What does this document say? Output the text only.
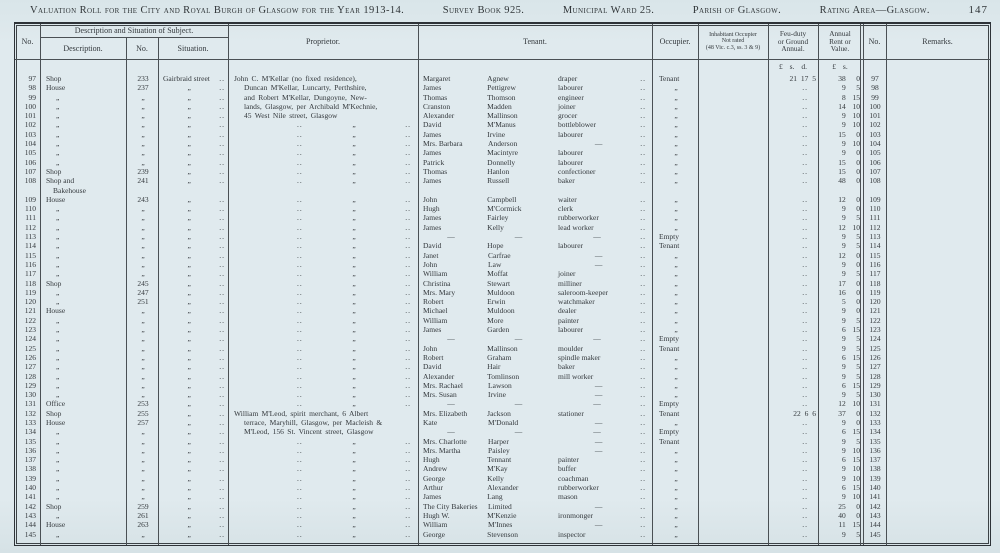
Valuation Roll for the City and Royal Burgh of Glasgow for the Year 1913-14.	Survey Book 925.	Municipal Ward 25.	Parish of Glasgow.	Rating Area—Glasgow.	147
No.
Description and Situation of Subject.
Description.	No.	Situation.
Proprietor.	Tenant.	Occupier.
Inhabitant Occupier
Not rated
(48 Vic. c.3, ss. 3 & 9)
Feu-duty
or Ground
Annual.
Annual
Rent or
Value.
No.	Remarks.
£ s. d.	£ s.
97	Shop	233	Gairbraid street	..	John C. M'Kellar (no fixed residence),	Margaret	Agnew	draper	..	Tenant	21 17 5	38	0	97
98	House	237	„	..	Duncan M'Kellar, Luncarty, Perthshire,	James	Pettigrew	labourer	..	„	..	9	5	98
99	„	„	„	..	and Robert M'Kellar, Dungoyne, New-	Thomas	Thomson	engineer	..	„	..	8 15	99
100	„	„	„	..	lands, Glasgow, per Archibald M'Kechnie,	Cranston	Madden	joiner	..	„	..	14 10	100
101	„	„	„	..	45 West Nile street, Glasgow	Alexander	Mallinson	grocer	..	„	..	9 10	101
102	„	„	„	..	..	„	..	David	M'Manus	bottleblower	..	„	..	9 10	102
103	„	„	„	..	..	„	..	James	Irvine	labourer	..	„	..	15	0	103
104	„	„	„	..	..	„	..	Mrs. Barbara	Anderson	—	..	„	..	9 10	104
105	„	„	„	..	..	„	..	James	Macintyre	labourer	..	„	..	9	0	105
106	„	„	„	..	..	„	..	Patrick	Donnelly	labourer	..	„	..	15	0	106
107	Shop	239	„	..	..	„	..	Thomas	Hanlon	confectioner	..	„	..	15	0	107
108	Shop and
Bakehouse
241	„	..	..	„	..	James	Russell	baker	..	„	..	48	0	108
109	House	243	„	..	..	„	..	John	Campbell	waiter	..	„	..	12	0	109
110	„	„	„	..	..	„	..	Hugh	M'Cormick	clerk	..	„	..	9	0	110
111	„	„	„	..	..	„	..	James	Fairley	rubberworker	..	„	..	9	5	111
112	„	„	„	..	..	„	..	James	Kelly	lead worker	..	„	..	12 10	112
113	„	„	„	..	..	„	..	—	—	—	..	Empty	..	9	5	113
114	„	„	„	..	..	„	..	David	Hope	labourer	..	Tenant	..	9	5	114
115	„	„	„	..	..	„	..	Janet	Carfrae	—	..	„	..	12	0	115
116	„	„	„	..	..	„	..	John	Law	—	..	„	..	9	0	116
117	„	„	„	..	..	„	..	William	Moffat	joiner	..	„	..	9	5	117
118	Shop	245	„	..	..	„	..	Christina	Stewart	milliner	..	„	..	17	0	118
119	„	247	„	..	..	„	..	Mrs. Mary	Muldoon	saleroom-keeper	..	„	..	16	0	119
120	„	251	„	..	..	„	..	Robert	Erwin	watchmaker	..	„	..	5	0	120
121	House	„	„	..	..	„	..	Michael	Muldoon	dealer	..	„	..	9	0	121
122	„	„	„	..	..	„	..	William	More	painter	..	„	..	9	5	122
123	„	„	„	..	..	„	..	James	Garden	labourer	..	„	..	6 15	123
124	„	„	„	..	..	„	..	—	—	—	..	Empty	..	9	5	124
125	„	„	„	..	..	„	..	John	Mallinson	moulder	..	Tenant	..	9	5	125
126	„	„	„	..	..	„	..	Robert	Graham	spindle maker	..	„	..	6 15	126
127	„	„	„	..	..	„	..	David	Hair	baker	..	„	..	9	5	127
128	„	„	„	..	..	„	..	Alexander	Tomlinson	mill worker	..	„	..	9	5	128
129	„	„	„	..	..	„	..	Mrs. Rachael	Lawson	—	..	„	..	6 15	129
130	„	„	„	..	..	„	..	Mrs. Susan	Irvine	—	..	„	..	9	5	130
131	Office	253	„	..	..	„	..	—	—	—	..	Empty	..	12 10	131
132	Shop	255	„	..	William M'Leod, spirit merchant, 6 Albert	Mrs. Elizabeth	Jackson	stationer	..	Tenant	22 6 6	37	0	132
133	House	257	„	..	terrace, Maryhill, Glasgow, per Macleish &	Kate	M'Donald	—	..	„	..	9	0	133
134	„	„	„	..	M'Leod, 156 St. Vincent street, Glasgow	—	—	—	..	Empty	..	6 15	134
135	„	„	„	..	..	„	..	Mrs. Charlotte	Harper	—	..	Tenant	..	9	5	135
136	„	„	„	..	..	„	..	Mrs. Martha	Paisley	—	..	„	..	9 10	136
137	„	„	„	..	..	„	..	Hugh	Tennant	painter	..	„	..	6 15	137
138	„	„	„	..	..	„	..	Andrew	M'Kay	buffer	..	„	..	9 10	138
139	„	„	„	..	..	„	..	George	Kelly	coachman	..	„	..	9 10	139
140	„	„	„	..	..	„	..	Arthur	Alexander	rubberworker	..	„	..	6 15	140
141	„	„	„	..	..	„	..	James	Lang	mason	..	„	..	9 10	141
142	Shop	259	„	..	..	„	..	The City Bakeries	Limited	—	..	„	..	25	0	142
143	„	261	„	..	..	„	..	Hugh W.	M'Kenzie	ironmonger	..	„	..	40	0	143
144	House	263	„	..	..	„	..	William	M'Innes	—	..	„	..	11 15	144
145	„	„	„	..	..	„	..	George	Stevenson	inspector	..	„	..	9	5	145
